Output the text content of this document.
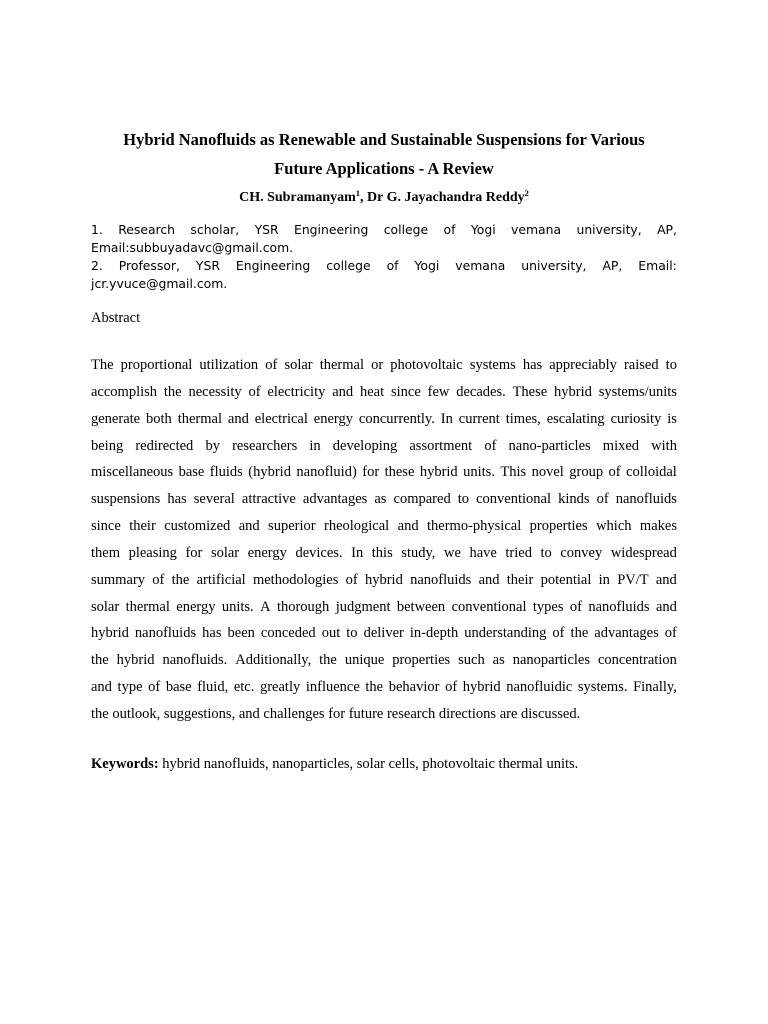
Hybrid Nanofluids as Renewable and Sustainable Suspensions for Various
Future Applications - A Review
CH. Subramanyam$^1$, Dr G. Jayachandra Reddy$^2$
1. Research scholar, YSR Engineering college of Yogi vemana university, AP,
Email:subbuyadavc@gmail.com.
2. Professor, YSR Engineering college of Yogi vemana university, AP, Email:
jcr.yvuce@gmail.com.
Abstract
The proportional utilization of solar thermal or photovoltaic systems has appreciably raised to
accomplish the necessity of electricity and heat since few decades. These hybrid systems/units
generate both thermal and electrical energy concurrently. In current times, escalating curiosity is
being redirected by researchers in developing assortment of nano-particles mixed with
miscellaneous base fluids (hybrid nanofluid) for these hybrid units. This novel group of colloidal
suspensions has several attractive advantages as compared to conventional kinds of nanofluids
since their customized and superior rheological and thermo-physical properties which makes
them pleasing for solar energy devices. In this study, we have tried to convey widespread
summary of the artificial methodologies of hybrid nanofluids and their potential in PV/T and
solar thermal energy units. A thorough judgment between conventional types of nanofluids and
hybrid nanofluids has been conceded out to deliver in-depth understanding of the advantages of
the hybrid nanofluids. Additionally, the unique properties such as nanoparticles concentration
and type of base fluid, etc. greatly influence the behavior of hybrid nanofluidic systems. Finally,
the outlook, suggestions, and challenges for future research directions are discussed.
Keywords: hybrid nanofluids, nanoparticles, solar cells, photovoltaic thermal units.
